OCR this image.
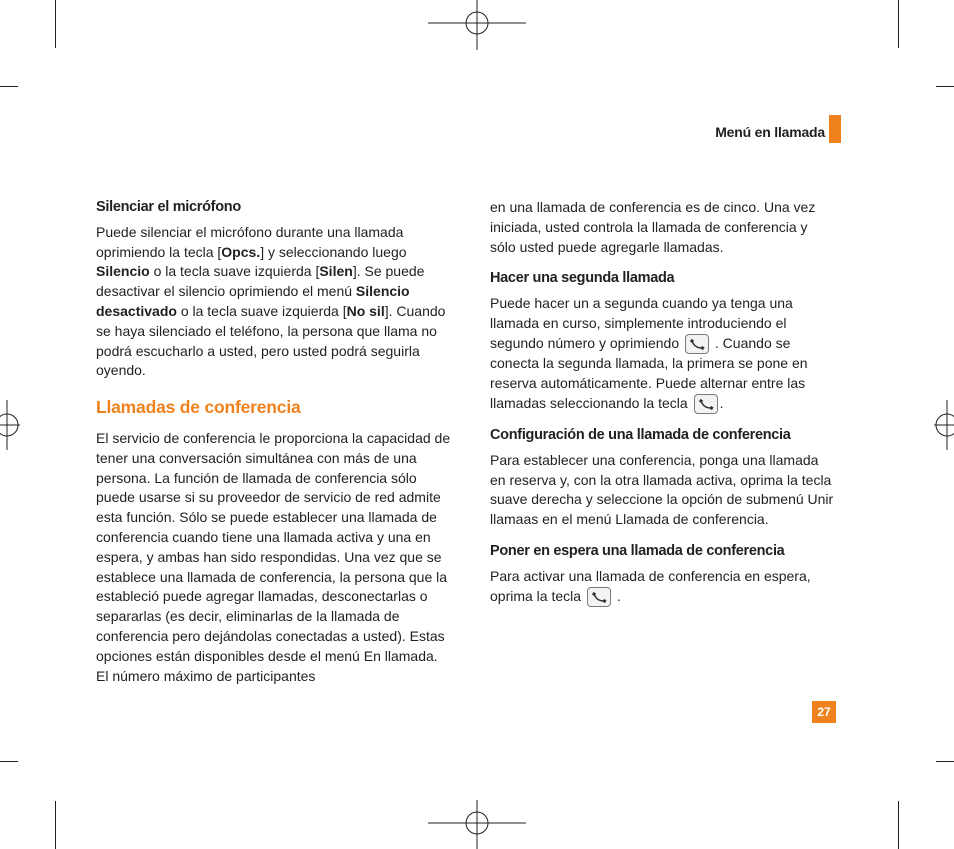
Menú en llamada
Silenciar el micrófono

Puede silenciar el micrófono durante una llamada oprimiendo la tecla [Opcs.] y seleccionando luego Silencio o la tecla suave izquierda [Silen]. Se puede desactivar el silencio oprimiendo el menú Silencio desactivado o la tecla suave izquierda [No sil]. Cuando se haya silenciado el teléfono, la persona que llama no podrá escucharlo a usted, pero usted podrá seguirla oyendo.

Llamadas de conferencia

El servicio de conferencia le proporciona la capacidad de tener una conversación simultánea con más de una persona. La función de llamada de conferencia sólo puede usarse si su proveedor de servicio de red admite esta función. Sólo se puede establecer una llamada de conferencia cuando tiene una llamada activa y una en espera, y ambas han sido respondidas. Una vez que se establece una llamada de conferencia, la persona que la estableció puede agregar llamadas, desconectarlas o separarlas (es decir, eliminarlas de la llamada de conferencia pero dejándolas conectadas a usted). Estas opciones están disponibles desde el menú En llamada. El número máximo de participantes

en una llamada de conferencia es de cinco. Una vez iniciada, usted controla la llamada de conferencia y sólo usted puede agregarle llamadas.

Hacer una segunda llamada

Puede hacer un a segunda cuando ya tenga una llamada en curso, simplemente introduciendo el segundo número y oprimiendo	. Cuando se conecta la segunda llamada, la primera se pone en reserva automáticamente. Puede alternar entre las llamadas seleccionando la tecla .

Configuración de una llamada de conferencia

Para establecer una conferencia, ponga una llamada en reserva y, con la otra llamada activa, oprima la tecla suave derecha y seleccione la opción de submenú Unir llamaas en el menú Llamada de conferencia.

Poner en espera una llamada de conferencia

Para activar una llamada de conferencia en espera, oprima la tecla	.

27
